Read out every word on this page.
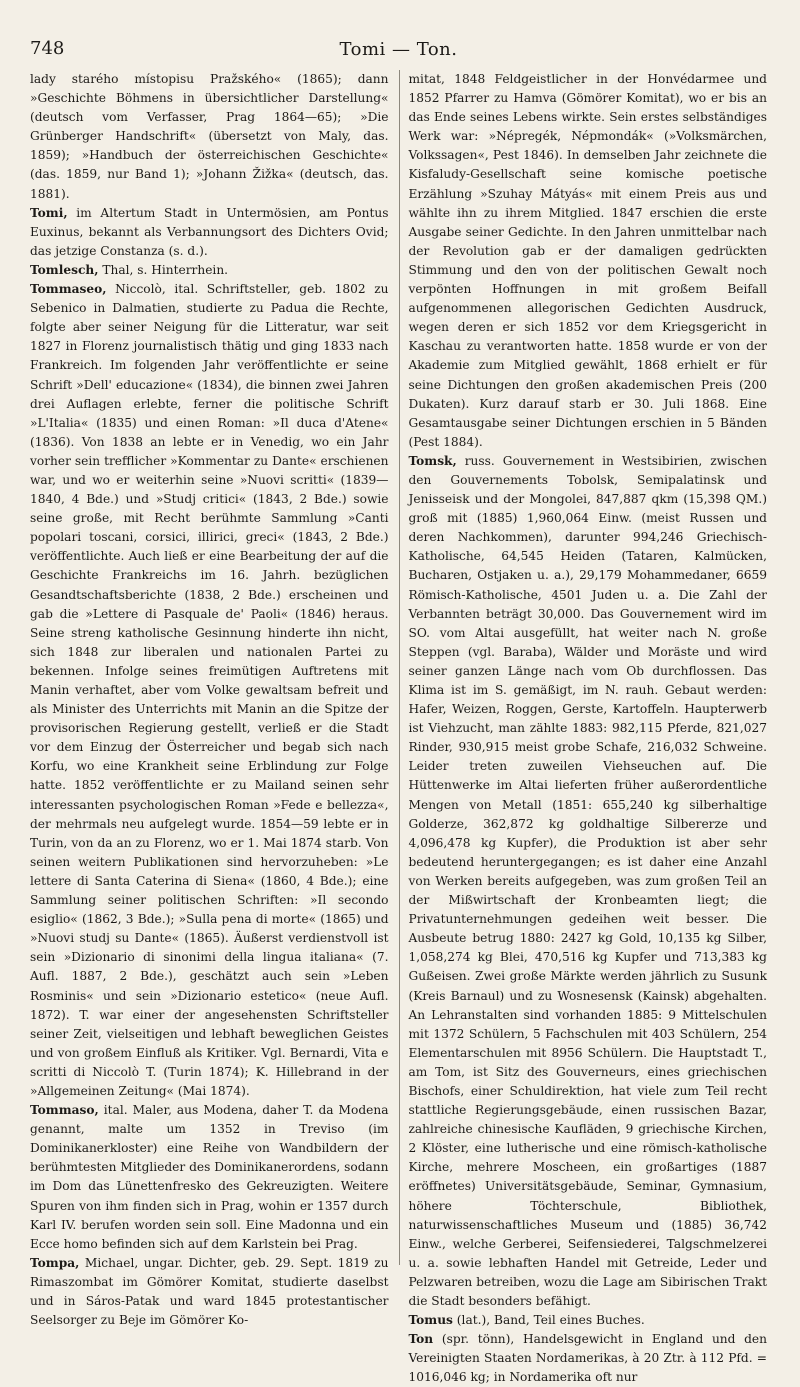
748	Tomi — Ton.

lady starého místopisu Pražského« (1865); dann »Geschichte Böhmens in übersichtlicher Darstellung« (deutsch vom Verfasser, Prag 1864—65); »Die Grünberger Handschrift« (übersetzt von Maly, das. 1859); »Handbuch der österreichischen Geschichte« (das. 1859, nur Band 1); »Johann Žižka« (deutsch, das. 1881).

Tomi, im Altertum Stadt in Untermösien, am Pontus Euxinus, bekannt als Verbannungsort des Dichters Ovid; das jetzige Constanza (s. d.).

Tomlesch, Thal, s. Hinterrhein.

Tommaseo, Niccolò, ital. Schriftsteller, geb. 1802 zu Sebenico in Dalmatien, studierte zu Padua die Rechte, folgte aber seiner Neigung für die Litteratur, war seit 1827 in Florenz journalistisch thätig und ging 1833 nach Frankreich. Im folgenden Jahr veröffentlichte er seine Schrift »Dell' educazione« (1834), die binnen zwei Jahren drei Auflagen erlebte, ferner die politische Schrift »L'Italia« (1835) und einen Roman: »Il duca d'Atene« (1836). Von 1838 an lebte er in Venedig, wo ein Jahr vorher sein trefflicher »Kommentar zu Dante« erschienen war, und wo er weiterhin seine »Nuovi scritti« (1839—1840, 4 Bde.) und »Studj critici« (1843, 2 Bde.) sowie seine große, mit Recht berühmte Sammlung »Canti popolari toscani, corsici, illirici, greci« (1843, 2 Bde.) veröffentlichte. Auch ließ er eine Bearbeitung der auf die Geschichte Frankreichs im 16. Jahrh. bezüglichen Gesandtschaftsberichte (1838, 2 Bde.) erscheinen und gab die »Lettere di Pasquale de' Paoli« (1846) heraus. Seine streng katholische Gesinnung hinderte ihn nicht, sich 1848 zur liberalen und nationalen Partei zu bekennen. Infolge seines freimütigen Auftretens mit Manin verhaftet, aber vom Volke gewaltsam befreit und als Minister des Unterrichts mit Manin an die Spitze der provisorischen Regierung gestellt, verließ er die Stadt vor dem Einzug der Österreicher und begab sich nach Korfu, wo eine Krankheit seine Erblindung zur Folge hatte. 1852 veröffentlichte er zu Mailand seinen sehr interessanten psychologischen Roman »Fede e bellezza«, der mehrmals neu aufgelegt wurde. 1854—59 lebte er in Turin, von da an zu Florenz, wo er 1. Mai 1874 starb. Von seinen weitern Publikationen sind hervorzuheben: »Le lettere di Santa Caterina di Siena« (1860, 4 Bde.); eine Sammlung seiner politischen Schriften: »Il secondo esiglio« (1862, 3 Bde.); »Sulla pena di morte« (1865) und »Nuovi studj su Dante« (1865). Äußerst verdienstvoll ist sein »Dizionario di sinonimi della lingua italiana« (7. Aufl. 1887, 2 Bde.), geschätzt auch sein »Leben Rosminis« und sein »Dizionario estetico« (neue Aufl. 1872). T. war einer der angesehensten Schriftsteller seiner Zeit, vielseitigen und lebhaft beweglichen Geistes und von großem Einfluß als Kritiker. Vgl. Bernardi, Vita e scritti di Niccolò T. (Turin 1874); K. Hillebrand in der »Allgemeinen Zeitung« (Mai 1874).

Tommaso, ital. Maler, aus Modena, daher T. da Modena genannt, malte um 1352 in Treviso (im Dominikanerkloster) eine Reihe von Wandbildern der berühmtesten Mitglieder des Dominikanerordens, sodann im Dom das Lünettenfresko des Gekreuzigten. Weitere Spuren von ihm finden sich in Prag, wohin er 1357 durch Karl IV. berufen worden sein soll. Eine Madonna und ein Ecce homo befinden sich auf dem Karlstein bei Prag.

Tompa, Michael, ungar. Dichter, geb. 29. Sept. 1819 zu Rimaszombat im Gömörer Komitat, studierte daselbst und in Sáros-Patak und ward 1845 protestantischer Seelsorger zu Beje im Gömörer Ko-

mitat, 1848 Feldgeistlicher in der Honvédarmee und 1852 Pfarrer zu Hamva (Gömörer Komitat), wo er bis an das Ende seines Lebens wirkte. Sein erstes selbständiges Werk war: »Népregék, Népmondák« (»Volksmärchen, Volkssagen«, Pest 1846). In demselben Jahr zeichnete die Kisfaludy-Gesellschaft seine komische poetische Erzählung »Szuhay Mátyás« mit einem Preis aus und wählte ihn zu ihrem Mitglied. 1847 erschien die erste Ausgabe seiner Gedichte. In den Jahren unmittelbar nach der Revolution gab er der damaligen gedrückten Stimmung und den von der politischen Gewalt noch verpönten Hoffnungen in mit großem Beifall aufgenommenen allegorischen Gedichten Ausdruck, wegen deren er sich 1852 vor dem Kriegsgericht in Kaschau zu verantworten hatte. 1858 wurde er von der Akademie zum Mitglied gewählt, 1868 erhielt er für seine Dichtungen den großen akademischen Preis (200 Dukaten). Kurz darauf starb er 30. Juli 1868. Eine Gesamtausgabe seiner Dichtungen erschien in 5 Bänden (Pest 1884).

Tomsk, russ. Gouvernement in Westsibirien, zwischen den Gouvernements Tobolsk, Semipalatinsk und Jenisseisk und der Mongolei, 847,887 qkm (15,398 QM.) groß mit (1885) 1,960,064 Einw. (meist Russen und deren Nachkommen), darunter 994,246 Griechisch-Katholische, 64,545 Heiden (Tataren, Kalmücken, Bucharen, Ostjaken u. a.), 29,179 Mohammedaner, 6659 Römisch-Katholische, 4501 Juden u. a. Die Zahl der Verbannten beträgt 30,000. Das Gouvernement wird im SO. vom Altai ausgefüllt, hat weiter nach N. große Steppen (vgl. Baraba), Wälder und Moräste und wird seiner ganzen Länge nach vom Ob durchflossen. Das Klima ist im S. gemäßigt, im N. rauh. Gebaut werden: Hafer, Weizen, Roggen, Gerste, Kartoffeln. Haupterwerb ist Viehzucht, man zählte 1883: 982,115 Pferde, 821,027 Rinder, 930,915 meist grobe Schafe, 216,032 Schweine. Leider treten zuweilen Viehseuchen auf. Die Hüttenwerke im Altai lieferten früher außerordentliche Mengen von Metall (1851: 655,240 kg silberhaltige Golderze, 362,872 kg goldhaltige Silbererze und 4,096,478 kg Kupfer), die Produktion ist aber sehr bedeutend heruntergegangen; es ist daher eine Anzahl von Werken bereits aufgegeben, was zum großen Teil an der Mißwirtschaft der Kronbeamten liegt; die Privatunternehmungen gedeihen weit besser. Die Ausbeute betrug 1880: 2427 kg Gold, 10,135 kg Silber, 1,058,274 kg Blei, 470,516 kg Kupfer und 713,383 kg Gußeisen. Zwei große Märkte werden jährlich zu Susunk (Kreis Barnaul) und zu Wosnesensk (Kainsk) abgehalten. An Lehranstalten sind vorhanden 1885: 9 Mittelschulen mit 1372 Schülern, 5 Fachschulen mit 403 Schülern, 254 Elementarschulen mit 8956 Schülern. Die Hauptstadt T., am Tom, ist Sitz des Gouverneurs, eines griechischen Bischofs, einer Schuldirektion, hat viele zum Teil recht stattliche Regierungsgebäude, einen russischen Bazar, zahlreiche chinesische Kaufläden, 9 griechische Kirchen, 2 Klöster, eine lutherische und eine römisch-katholische Kirche, mehrere Moscheen, ein großartiges (1887 eröffnetes) Universitätsgebäude, Seminar, Gymnasium, höhere Töchterschule, Bibliothek, naturwissenschaftliches Museum und (1885) 36,742 Einw., welche Gerberei, Seifensiederei, Talgschmelzerei u. a. sowie lebhaften Handel mit Getreide, Leder und Pelzwaren betreiben, wozu die Lage am Sibirischen Trakt die Stadt besonders befähigt.

Tomus (lat.), Band, Teil eines Buches.

Ton (spr. tönn), Handelsgewicht in England und den Vereinigten Staaten Nordamerikas, à 20 Ztr. à 112 Pfd. = 1016,046 kg; in Nordamerika oft nur
